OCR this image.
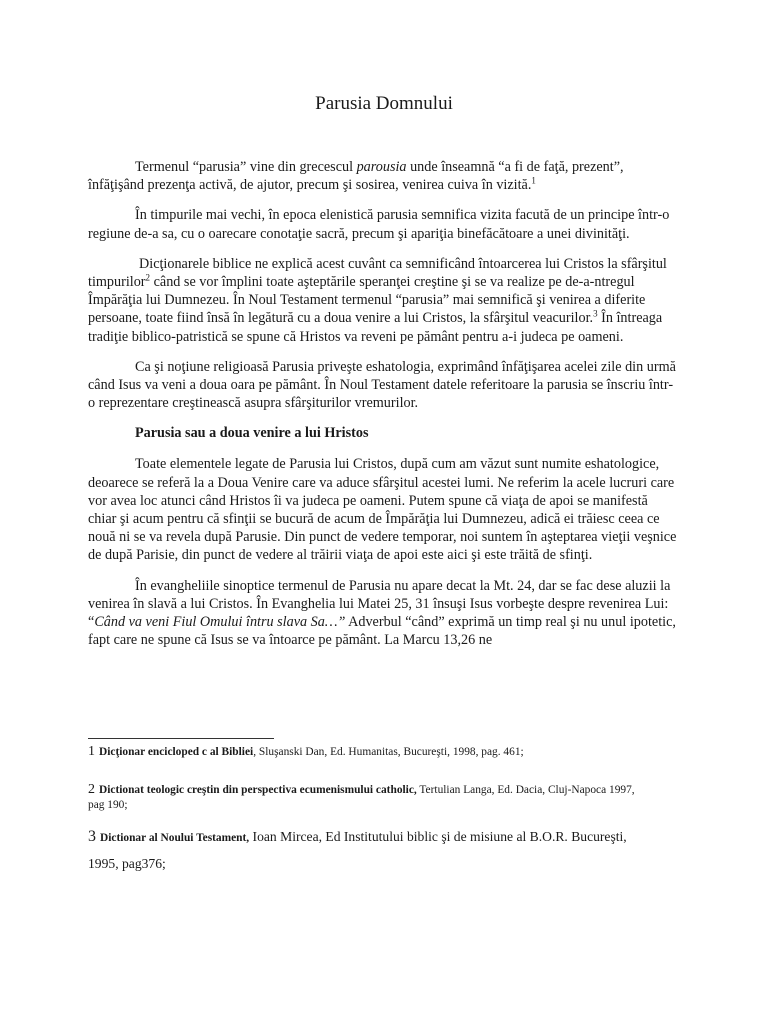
Parusia Domnului

Termenul “parusia” vine din grecescul parousia unde înseamnă “a fi de faţă, prezent”, înfăţişând prezenţa activă, de ajutor, precum şi sosirea, venirea cuiva în vizită.$^1$

În timpurile mai vechi, în epoca elenistică parusia semnifica vizita facută de un principe într-o regiune de-a sa, cu o oarecare conotaţie sacră, precum şi apariţia binefăcătoare a unei divinităţi.

Dicţionarele biblice ne explică acest cuvânt ca semnificând întoarcerea lui Cristos la sfârşitul timpurilor$^2$ când se vor împlini toate aşteptările speranţei creştine şi se va realize pe de-a-ntregul Împărăţia lui Dumnezeu. În Noul Testament termenul “parusia” mai semnifică şi venirea a diferite persoane, toate fiind însă în legătură cu a doua venire a lui Cristos, la sfârşitul veacurilor.$^3$ În întreaga tradiţie biblico-patristică se spune că Hristos va reveni pe pământ pentru a-i judeca pe oameni.

Ca şi noţiune religioasă Parusia priveşte eshatologia, exprimând înfăţişarea acelei zile din urmă când Isus va veni a doua oara pe pământ. În Noul Testament datele referitoare la parusia se înscriu într-o reprezentare creştinească asupra sfârşiturilor vremurilor.

Parusia sau a doua venire a lui Hristos

Toate elementele legate de Parusia lui Cristos, după cum am văzut sunt numite eshatologice, deoarece se referă la a Doua Venire care va aduce sfârşitul acestei lumi. Ne referim la acele lucruri care vor avea loc atunci când Hristos îi va judeca pe oameni. Putem spune că viaţa de apoi se manifestă chiar şi acum pentru că sfinţii se bucură de acum de Împărăţia lui Dumnezeu, adică ei trăiesc ceea ce nouă ni se va revela după Parusie. Din punct de vedere temporar, noi suntem în aşteptarea vieţii veşnice de după Parisie, din punct de vedere al trăirii viaţa de apoi este aici şi este trăită de sfinţi.

În evangheliile sinoptice termenul de Parusia nu apare decat la Mt. 24, dar se fac dese aluzii la venirea în slavă a lui Cristos. În Evanghelia lui Matei 25, 31 însuşi Isus vorbeşte despre revenirea Lui: “Când va veni Fiul Omului întru slava Sa…” Adverbul “când” exprimă un timp real şi nu unul ipotetic, fapt care ne spune că Isus se va întoarce pe pământ. La Marcu 13,26 ne

1 Dicţionar encicloped c al Bibliei, Sluşanski Dan, Ed. Humanitas, Bucureşti, 1998, pag. 461;

2 Dictionat teologic creştin din perspectiva ecumenismului catholic, Tertulian Langa, Ed. Dacia, Cluj-Napoca 1997, pag 190;

3 Dictionar al Noului Testament, Ioan Mircea, Ed Institutului biblic şi de misiune al B.O.R. Bucureşti, 1995, pag376;
